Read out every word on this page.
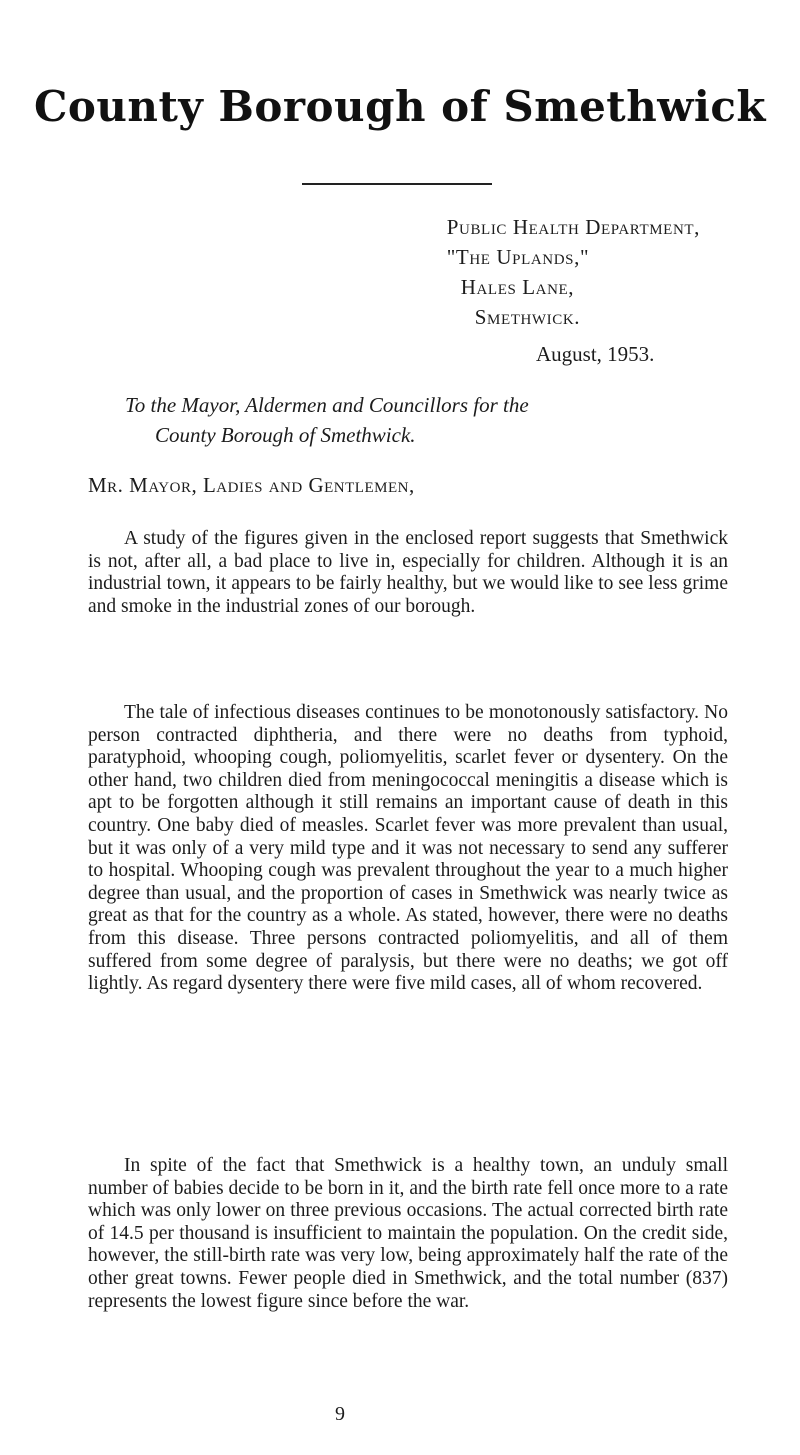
County Borough of Smethwick
Public Health Department,
"The Uplands,"
Hales Lane,
Smethwick.
August, 1953.
To the Mayor, Aldermen and Councillors for the
County Borough of Smethwick.
Mr. Mayor, Ladies and Gentlemen,

A study of the figures given in the enclosed report suggests that Smethwick is not, after all, a bad place to live in, especially for children. Although it is an industrial town, it appears to be fairly healthy, but we would like to see less grime and smoke in the industrial zones of our borough.

The tale of infectious diseases continues to be monotonously satisfactory. No person contracted diphtheria, and there were no deaths from typhoid, paratyphoid, whooping cough, poliomyelitis, scarlet fever or dysentery. On the other hand, two children died from meningococcal meningitis a disease which is apt to be forgotten although it still remains an important cause of death in this country. One baby died of measles. Scarlet fever was more prevalent than usual, but it was only of a very mild type and it was not necessary to send any sufferer to hospital. Whooping cough was prevalent throughout the year to a much higher degree than usual, and the proportion of cases in Smethwick was nearly twice as great as that for the country as a whole. As stated, however, there were no deaths from this disease. Three persons contracted poliomyelitis, and all of them suffered from some degree of paralysis, but there were no deaths; we got off lightly. As regard dysentery there were five mild cases, all of whom recovered.

In spite of the fact that Smethwick is a healthy town, an unduly small number of babies decide to be born in it, and the birth rate fell once more to a rate which was only lower on three previous occasions. The actual corrected birth rate of 14.5 per thousand is insufficient to maintain the population. On the credit side, however, the still-birth rate was very low, being approximately half the rate of the other great towns. Fewer people died in Smethwick, and the total number (837) represents the lowest figure since before the war.

9
